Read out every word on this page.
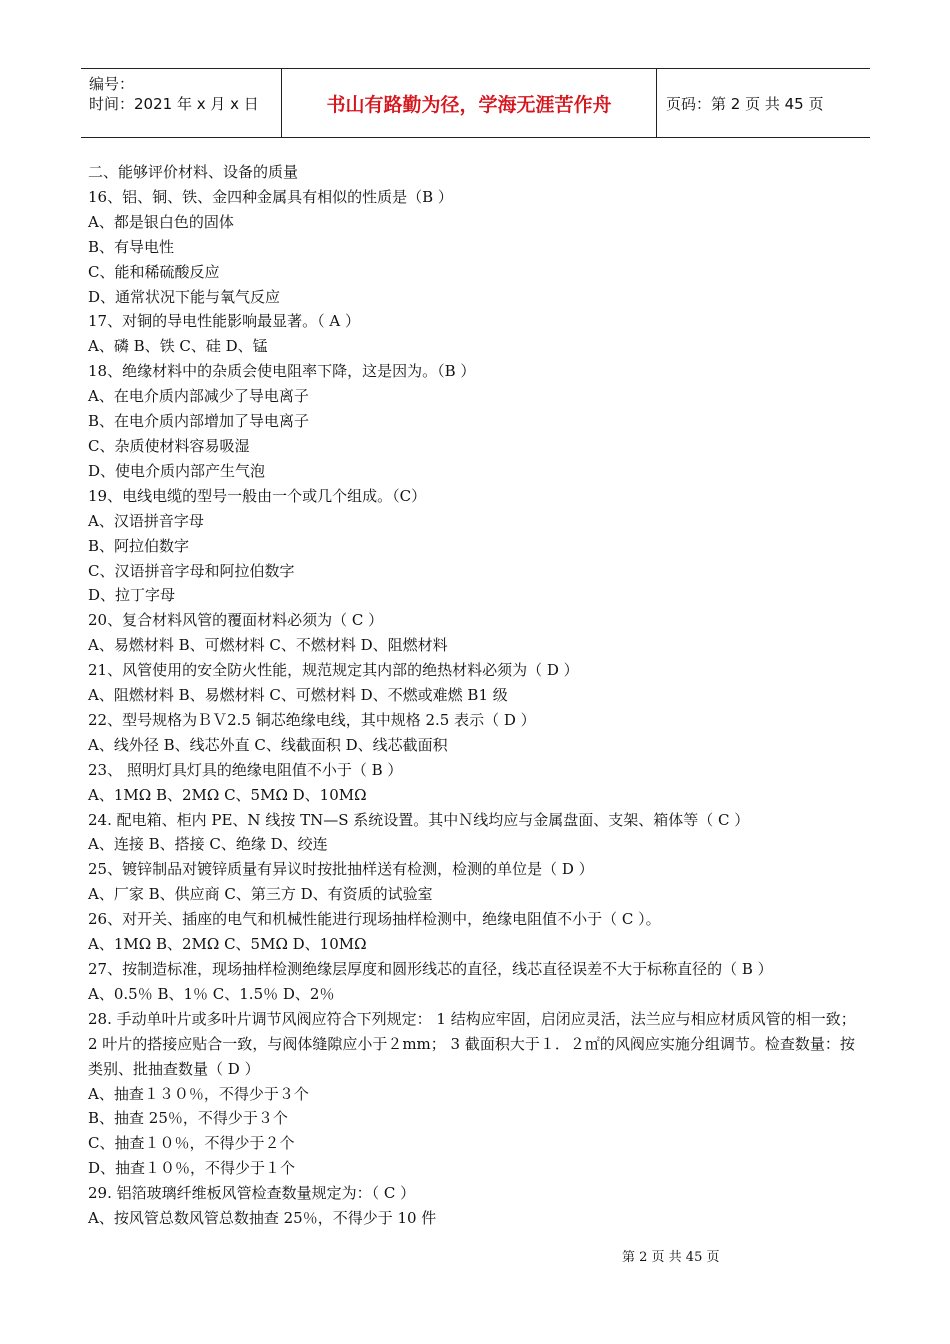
编号：
时间：2021 年 x 月 x 日	书山有路勤为径，学海无涯苦作舟	页码：第 2 页 共 45 页
二、能够评价材料、设备的质量
16、铝、铜、铁、金四种金属具有相似的性质是（B ）
A、都是银白色的固体
B、有导电性
C、能和稀硫酸反应
D、通常状况下能与氧气反应
17、对铜的导电性能影响最显著。（ A ）
A、磷 B、铁 C、硅 D、锰
18、绝缘材料中的杂质会使电阻率下降，这是因为。（B ）
A、在电介质内部减少了导电离子
B、在电介质内部增加了导电离子
C、杂质使材料容易吸湿
D、使电介质内部产生气泡
19、电线电缆的型号一般由一个或几个组成。（C）
A、汉语拼音字母
B、阿拉伯数字
C、汉语拼音字母和阿拉伯数字
D、拉丁字母
20、复合材料风管的覆面材料必须为（ C ）
A、易燃材料 B、可燃材料 C、不燃材料 D、阻燃材料
21、风管使用的安全防火性能，规范规定其内部的绝热材料必须为（ D ）
A、阻燃材料 B、易燃材料 C、可燃材料 D、不燃或难燃 B1 级
22、型号规格为ＢＶ2.5 铜芯绝缘电线，其中规格 2.5 表示（ D ）
A、线外径 B、线芯外直 C、线截面积 D、线芯截面积
23、 照明灯具灯具的绝缘电阻值不小于（ B ）
A、1MΩ B、2MΩ C、5MΩ D、10MΩ
24. 配电箱、柜内 PE、N 线按 TN—S 系统设置。其中Ｎ线均应与金属盘面、支架、箱体等（ C ）
A、连接 B、搭接 C、绝缘 D、绞连
25、镀锌制品对镀锌质量有异议时按批抽样送有检测，检测的单位是（ D ）
A、厂家 B、供应商 C、第三方 D、有资质的试验室
26、对开关、插座的电气和机械性能进行现场抽样检测中，绝缘电阻值不小于（ C ）。
A、1MΩ B、2MΩ C、5MΩ D、10MΩ
27、按制造标准，现场抽样检测绝缘层厚度和圆形线芯的直径，线芯直径误差不大于标称直径的（ B ）
A、0.5％ B、1％ C、1.5％ D、2％
28. 手动单叶片或多叶片调节风阀应符合下列规定： 1 结构应牢固，启闭应灵活，法兰应与相应材质风管的相一致； 2 叶片的搭接应贴合一致，与阀体缝隙应小于２mm； 3 截面积大于１．２㎡的风阀应实施分组调节。检查数量：按类别、批抽查数量（ D ）
A、抽查１３０％，不得少于３个
B、抽查 25％，不得少于３个
C、抽查１０％，不得少于２个
D、抽查１０％，不得少于１个
29. 铝箔玻璃纤维板风管检查数量规定为：（ C ）
A、按风管总数风管总数抽查 25％，不得少于 10 件
第 2 页 共 45 页
